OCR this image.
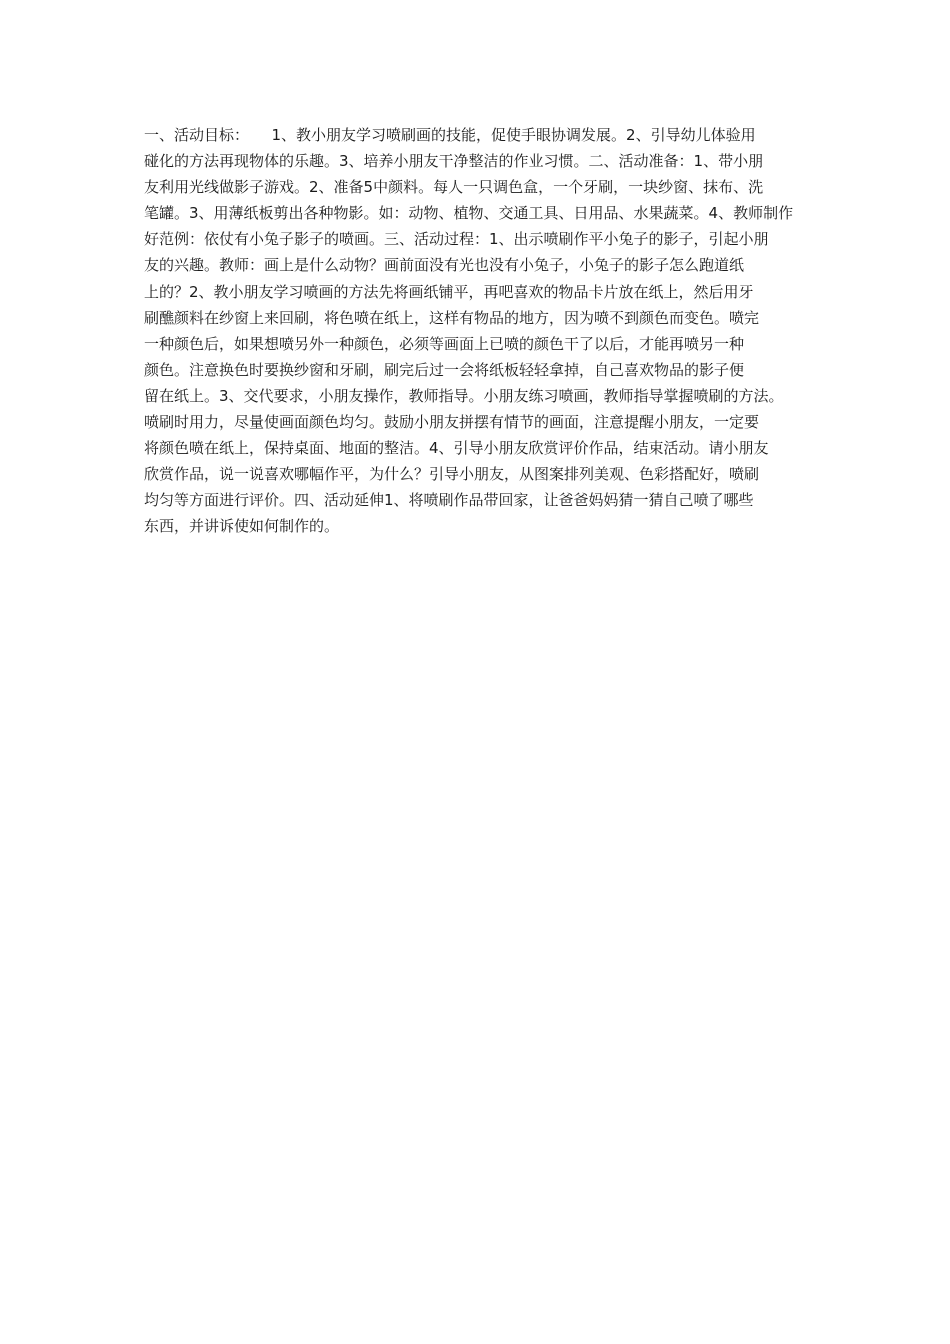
一、活动目标：　　1、教小朋友学习喷刷画的技能，促使手眼协调发展。2、引导幼儿体验用
碰化的方法再现物体的乐趣。3、培养小朋友干净整洁的作业习惯。二、活动准备：1、带小朋
友利用光线做影子游戏。2、准备5中颜料。每人一只调色盒，一个牙刷，一块纱窗、抹布、洗
笔罐。3、用薄纸板剪出各种物影。如：动物、植物、交通工具、日用品、水果蔬菜。4、教师制作
好范例：依仗有小兔子影子的喷画。三、活动过程：1、出示喷刷作平小兔子的影子，引起小朋
友的兴趣。教师：画上是什么动物？画前面没有光也没有小兔子，小兔子的影子怎么跑道纸
上的？2、教小朋友学习喷画的方法先将画纸铺平，再吧喜欢的物品卡片放在纸上，然后用牙
刷醮颜料在纱窗上来回刷，将色喷在纸上，这样有物品的地方，因为喷不到颜色而变色。喷完
一种颜色后，如果想喷另外一种颜色，必须等画面上已喷的颜色干了以后，才能再喷另一种
颜色。注意换色时要换纱窗和牙刷，刷完后过一会将纸板轻轻拿掉，自己喜欢物品的影子便
留在纸上。3、交代要求，小朋友操作，教师指导。小朋友练习喷画，教师指导掌握喷刷的方法。
喷刷时用力，尽量使画面颜色均匀。鼓励小朋友拼摆有情节的画面，注意提醒小朋友，一定要
将颜色喷在纸上，保持桌面、地面的整洁。4、引导小朋友欣赏评价作品，结束活动。请小朋友
欣赏作品，说一说喜欢哪幅作平，为什么？引导小朋友，从图案排列美观、色彩搭配好，喷刷
均匀等方面进行评价。四、活动延伸1、将喷刷作品带回家，让爸爸妈妈猜一猜自己喷了哪些
东西，并讲诉使如何制作的。
